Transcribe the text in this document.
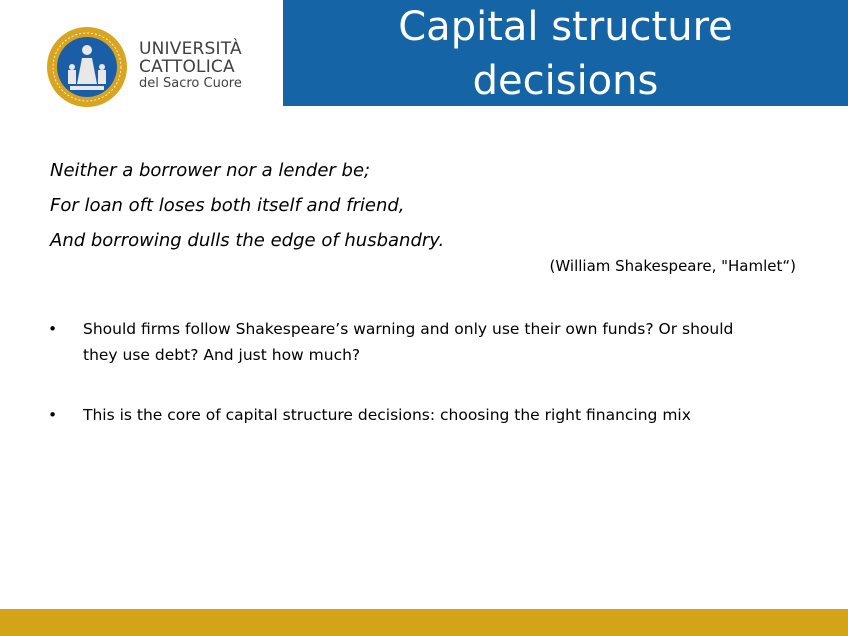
UNIVERSITÀ
CATTOLICA
del Sacro Cuore
Capital structure
decisions
Neither a borrower nor a lender be;
For loan oft loses both itself and friend,
And borrowing dulls the edge of husbandry.
(William Shakespeare, "Hamlet“)
• Should firms follow Shakespeare’s warning and only use their own funds? Or should they use debt? And just how much?
• This is the core of capital structure decisions: choosing the right financing mix
